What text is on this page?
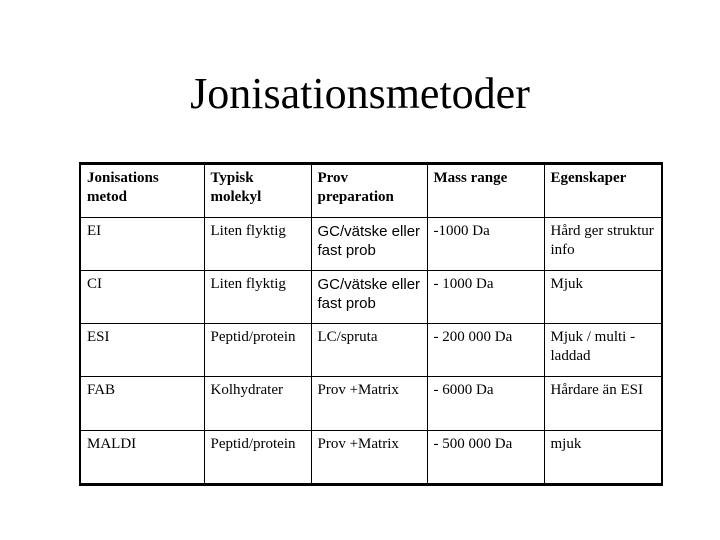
Jonisationsmetoder
Jonisations metod	Typisk molekyl	Prov preparation	Mass range	Egenskaper
EI	Liten flyktig	GC/vätske eller fast prob	-1000 Da	Hård ger struktur info
CI	Liten flyktig	GC/vätske eller fast prob	- 1000 Da	Mjuk
ESI	Peptid/protein	LC/spruta	- 200 000 Da	Mjuk / multi - laddad
FAB	Kolhydrater	Prov +Matrix	- 6000 Da	Hårdare än ESI
MALDI	Peptid/protein	Prov +Matrix	- 500 000 Da	mjuk
